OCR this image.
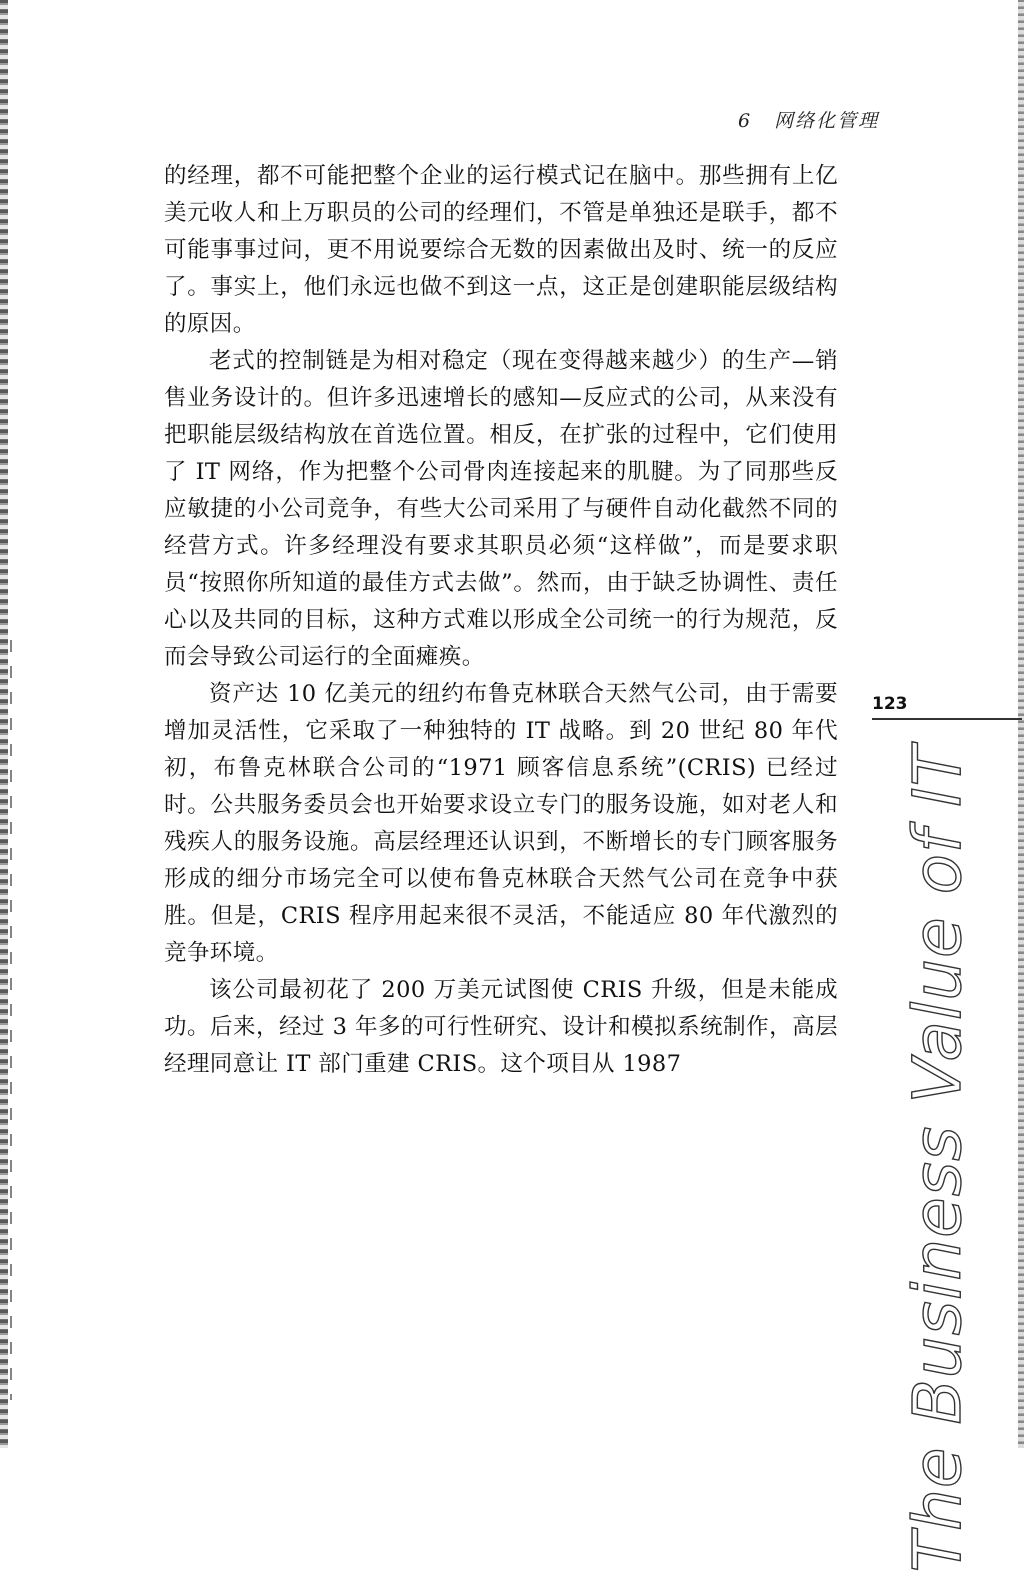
6 网络化管理

的经理，都不可能把整个企业的运行模式记在脑中。那些拥有上亿美元收人和上万职员的公司的经理们，不管是单独还是联手，都不可能事事过问，更不用说要综合无数的因素做出及时、统一的反应了。事实上，他们永远也做不到这一点，这正是创建职能层级结构的原因。

老式的控制链是为相对稳定（现在变得越来越少）的生产—销售业务设计的。但许多迅速增长的感知—反应式的公司，从来没有把职能层级结构放在首选位置。相反，在扩张的过程中，它们使用了 IT 网络，作为把整个公司骨肉连接起来的肌腱。为了同那些反应敏捷的小公司竞争，有些大公司采用了与硬件自动化截然不同的经营方式。许多经理没有要求其职员必须“这样做”，而是要求职员“按照你所知道的最佳方式去做”。然而，由于缺乏协调性、责任心以及共同的目标，这种方式难以形成全公司统一的行为规范，反而会导致公司运行的全面瘫痪。

资产达 10 亿美元的纽约布鲁克林联合天然气公司，由于需要增加灵活性，它采取了一种独特的 IT 战略。到 20 世纪 80 年代初，布鲁克林联合公司的“1971 顾客信息系统”(CRIS) 已经过时。公共服务委员会也开始要求设立专门的服务设施，如对老人和残疾人的服务设施。高层经理还认识到，不断增长的专门顾客服务形成的细分市场完全可以使布鲁克林联合天然气公司在竞争中获胜。但是，CRIS 程序用起来很不灵活，不能适应 80 年代激烈的竞争环境。

该公司最初花了 200 万美元试图使 CRIS 升级，但是未能成功。后来，经过 3 年多的可行性研究、设计和模拟系统制作，高层经理同意让 IT 部门重建 CRIS。这个项目从 1987

123
The Business Value of IT
